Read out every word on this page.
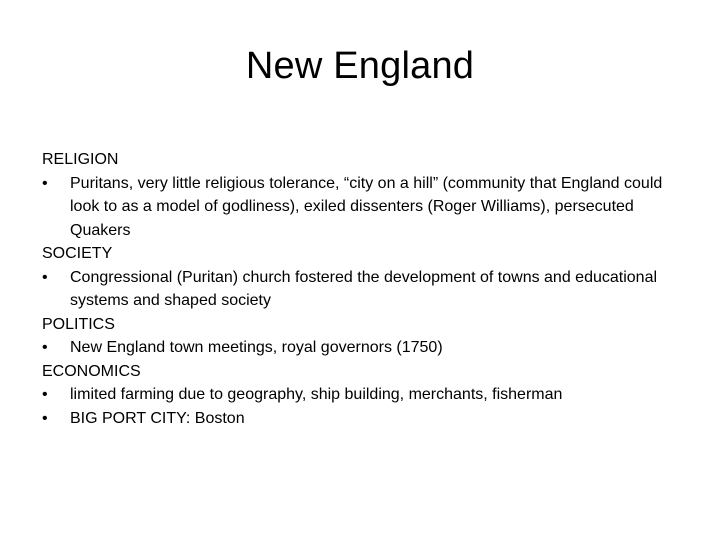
New England
RELIGION
•	Puritans, very little religious tolerance, “city on a hill” (community that England could look to as a model of godliness), exiled dissenters (Roger Williams), persecuted Quakers
SOCIETY
•	Congressional (Puritan) church fostered the development of towns and educational systems and shaped society
POLITICS
•	New England town meetings, royal governors (1750)
ECONOMICS
•	limited farming due to geography, ship building, merchants, fisherman
•	BIG PORT CITY: Boston
